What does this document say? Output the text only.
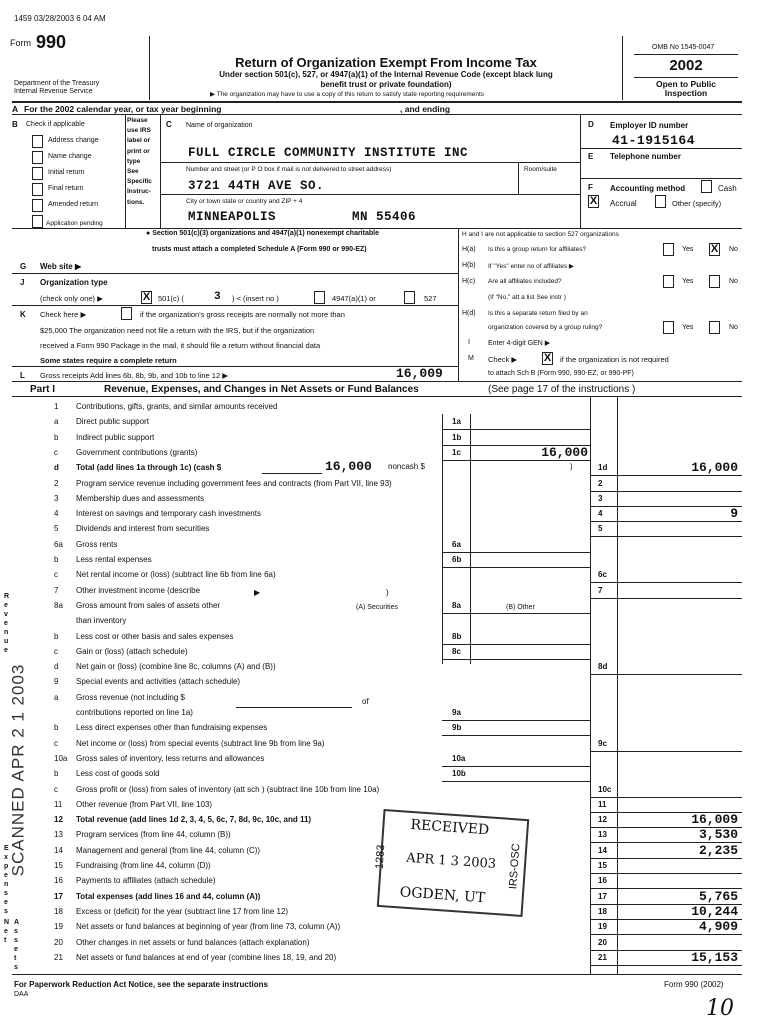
1459 03/28/2003 6 04 AM
Form 990
Department of the Treasury
Internal Revenue Service
Return of Organization Exempt From Income Tax
Under section 501(c), 527, or 4947(a)(1) of the Internal Revenue Code (except black lung
benefit trust or private foundation)
▶ The organization may have to use a copy of this return to satisfy state reporting requirements
OMB No 1545-0047
2002
Open to Public
Inspection
A For the 2002 calendar year, or tax year beginning	, and ending
B Check if applicable
Address change
Name change
Initial return
Final return
Amended return
Application pending
Please
use IRS
label or
print or
type
See
Specific
Instruc-
tions.
C Name of organization
FULL CIRCLE COMMUNITY INSTITUTE INC
Number and street (or P O box if mail is not delivered to street address)	Room/suite
3721 44TH AVE SO.
City or town state or country and ZIP + 4
MINNEAPOLIS	MN 55406
D Employer ID number
41-1915164
E Telephone number
F Accounting method	Cash
X Accrual	Other (specify)
● Section 501(c)(3) organizations and 4947(a)(1) nonexempt charitable
trusts must attach a completed Schedule A (Form 990 or 990-EZ)
H and I are not applicable to section 527 organizations
H(a) Is this a group return for affiliates?	Yes X No
H(b) If "Yes" enter no of affiliates ▶
H(c) Are all affiliates included?	Yes	No
(If "No," att a list See instr )
H(d) Is this a separate return filed by an
organization covered by a group ruling?	Yes	No
I	Enter 4-digit GEN ▶
M Check ▶ X if the organization is not required
to attach Sch B (Form 990, 990-EZ, or 990-PF)
G Web site ▶
J Organization type
(check only one) ▶	X 501(c) (	3 ) < (insert no )	4947(a)(1) or	527
K Check here ▶	if the organization's gross receipts are normally not more than
$25,000 The organization need not file a return with the IRS, but if the organization
received a Form 990 Package in the mail, it should file a return without financial data
Some states require a complete return
L Gross receipts Add lines 6b, 8b, 9b, and 10b to line 12 ▶	16,009
Part I	Revenue, Expenses, and Changes in Net Assets or Fund Balances	(See page 17 of the instructions )
1 Contributions, gifts, grants, and similar amounts received
a Direct public support	1a
b Indirect public support	1b
c Government contributions (grants)	1c	16,000
d Total (add lines 1a through 1c) (cash $	1d	16,000
2 Program service revenue including government fees and contracts (from Part VII, line 93)	2
3 Membership dues and assessments	3
4 Interest on savings and temporary cash investments	4	9
5 Dividends and interest from securities	5
6a Gross rents	6a
b Less rental expenses	6b
c Net rental income or (loss) (subtract line 6b from line 6a)	6c
7 Other investment income (describe	7
8a Gross amount from sales of assets other	8a
than inventory
b Less cost or other basis and sales expenses	8b
c Gain or (loss) (attach schedule)	8c
d Net gain or (loss) (combine line 8c, columns (A) and (B))	8d
9 Special events and activities (attach schedule)
a Gross revenue (not including $
contributions reported on line 1a)	9a
b Less direct expenses other than fundraising expenses	9b
c Net income or (loss) from special events (subtract line 9b from line 9a)	9c
10a Gross sales of inventory, less returns and allowances	10a
b Less cost of goods sold	10b
c Gross profit or (loss) from sales of inventory (att sch ) (subtract line 10b from line 10a)	10c
11 Other revenue (from Part VII, line 103)	11
12 Total revenue (add lines 1d 2, 3, 4, 5, 6c, 7, 8d, 9c, 10c, and 11)	12	16,009
13 Program services (from line 44, column (B))	13	3,530
14 Management and general (from line 44, column (C))	14	2,235
15 Fundraising (from line 44, column (D))	15
16 Payments to affiliates (attach schedule)	16
17 Total expenses (add lines 16 and 44, column (A))	17	5,765
18 Excess or (deficit) for the year (subtract line 17 from line 12)	18	10,244
19 Net assets or fund balances at beginning of year (from line 73, column (A))	19	4,909
20 Other changes in net assets or fund balances (attach explanation)	20
21 Net assets or fund balances at end of year (combine lines 18, 19, and 20)	21	15,153
16,000 noncash $	)
▶	)
(A) Securities	(B) Other
of
R e v e n u e
E x p e n s e s
N e t
A s s e t s
SCANNED APR 2 1 2003	RECEIVED
APR 1 3 2003
OGDEN, UT
1283	IRS-OSC
For Paperwork Reduction Act Notice, see the separate instructions
DAA
Form 990 (2002)
10
